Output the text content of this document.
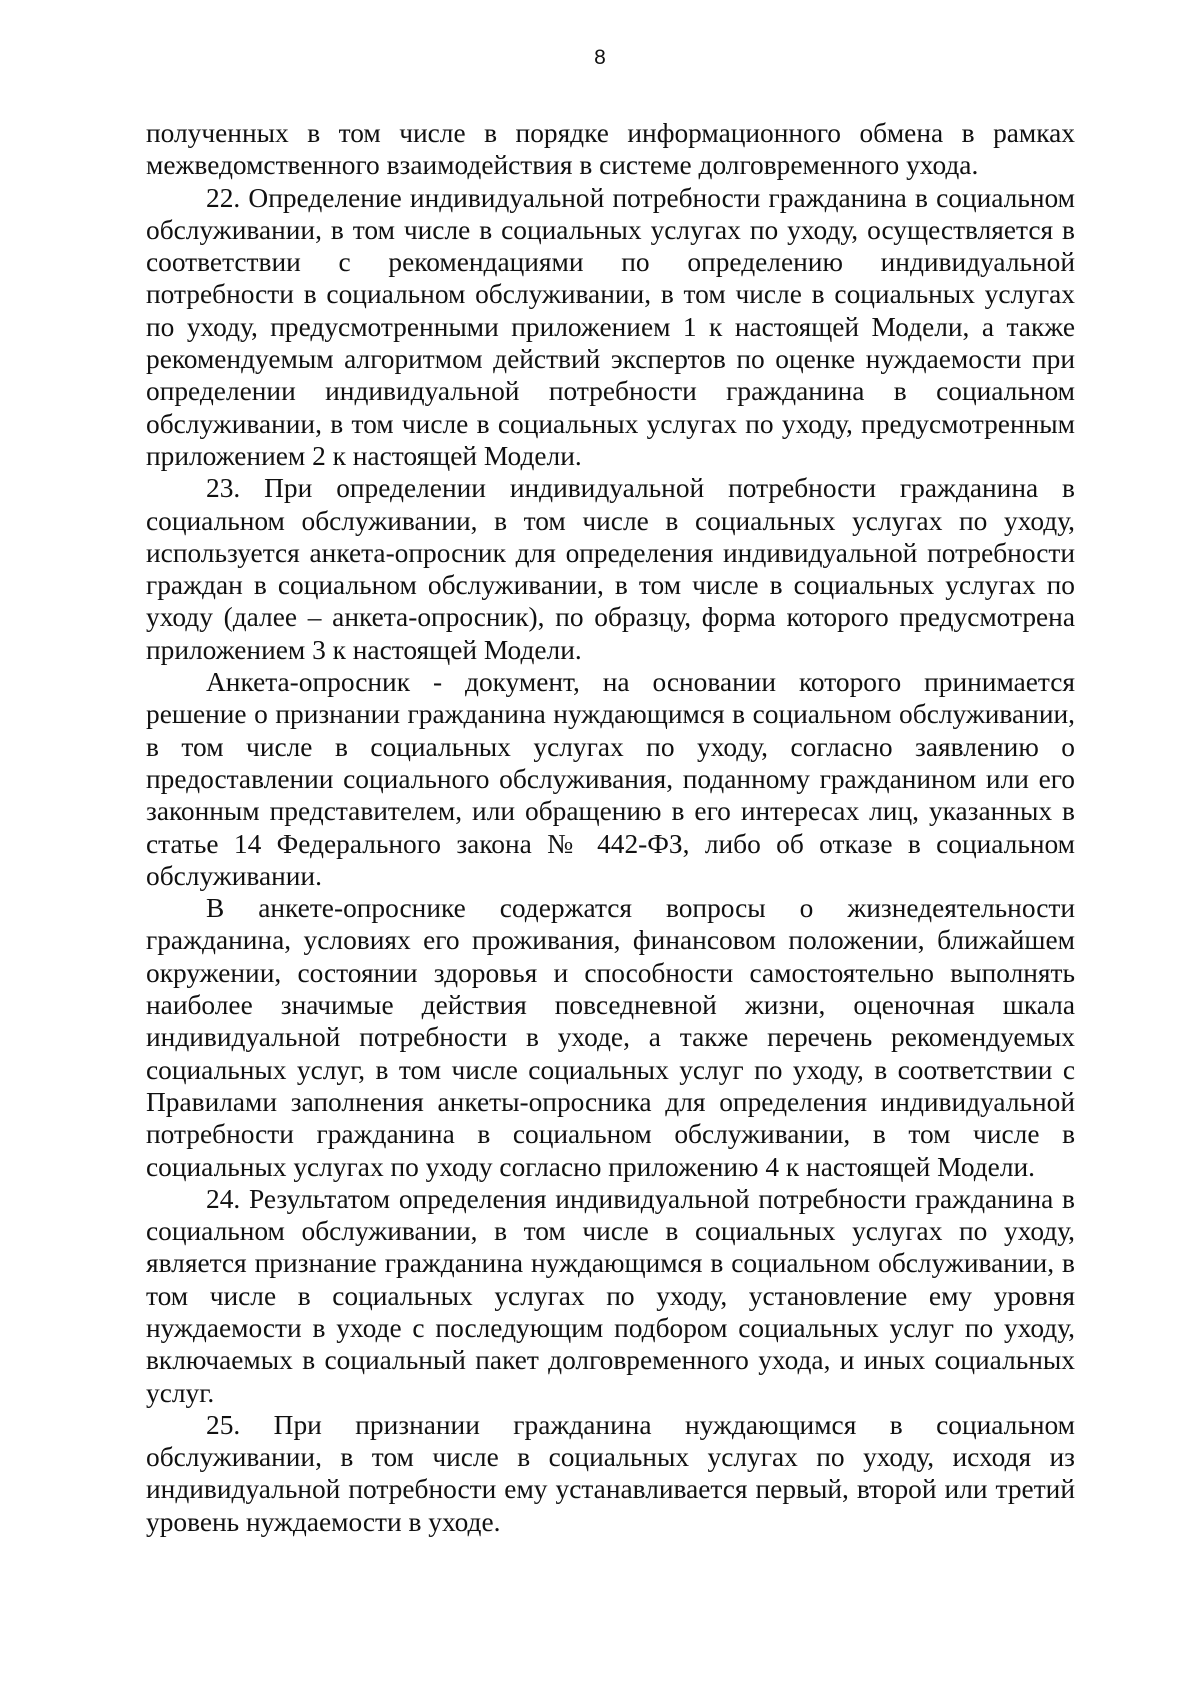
8

полученных в том числе в порядке информационного обмена в рамках межведомственного взаимодействия в системе долговременного ухода.

22. Определение индивидуальной потребности гражданина в социальном обслуживании, в том числе в социальных услугах по уходу, осуществляется в соответствии с рекомендациями по определению индивидуальной потребности в социальном обслуживании, в том числе в социальных услугах по уходу, предусмотренными приложением 1 к настоящей Модели, а также рекомендуемым алгоритмом действий экспертов по оценке нуждаемости при определении индивидуальной потребности гражданина в социальном обслуживании, в том числе в социальных услугах по уходу, предусмотренным приложением 2 к настоящей Модели.

23. При определении индивидуальной потребности гражданина в социальном обслуживании, в том числе в социальных услугах по уходу, используется анкета-опросник для определения индивидуальной потребности граждан в социальном обслуживании, в том числе в социальных услугах по уходу (далее – анкета-опросник), по образцу, форма которого предусмотрена приложением 3 к настоящей Модели.

Анкета-опросник - документ, на основании которого принимается решение о признании гражданина нуждающимся в социальном обслуживании, в том числе в социальных услугах по уходу, согласно заявлению о предоставлении социального обслуживания, поданному гражданином или его законным представителем, или обращению в его интересах лиц, указанных в статье 14 Федерального закона № 442-ФЗ, либо об отказе в социальном обслуживании.

В анкете-опроснике содержатся вопросы о жизнедеятельности гражданина, условиях его проживания, финансовом положении, ближайшем окружении, состоянии здоровья и способности самостоятельно выполнять наиболее значимые действия повседневной жизни, оценочная шкала индивидуальной потребности в уходе, а также перечень рекомендуемых социальных услуг, в том числе социальных услуг по уходу, в соответствии с Правилами заполнения анкеты-опросника для определения индивидуальной потребности гражданина в социальном обслуживании, в том числе в социальных услугах по уходу согласно приложению 4 к настоящей Модели.

24. Результатом определения индивидуальной потребности гражданина в социальном обслуживании, в том числе в социальных услугах по уходу, является признание гражданина нуждающимся в социальном обслуживании, в том числе в социальных услугах по уходу, установление ему уровня нуждаемости в уходе с последующим подбором социальных услуг по уходу, включаемых в социальный пакет долговременного ухода, и иных социальных услуг.

25. При признании гражданина нуждающимся в социальном обслуживании, в том числе в социальных услугах по уходу, исходя из индивидуальной потребности ему устанавливается первый, второй или третий уровень нуждаемости в уходе.
